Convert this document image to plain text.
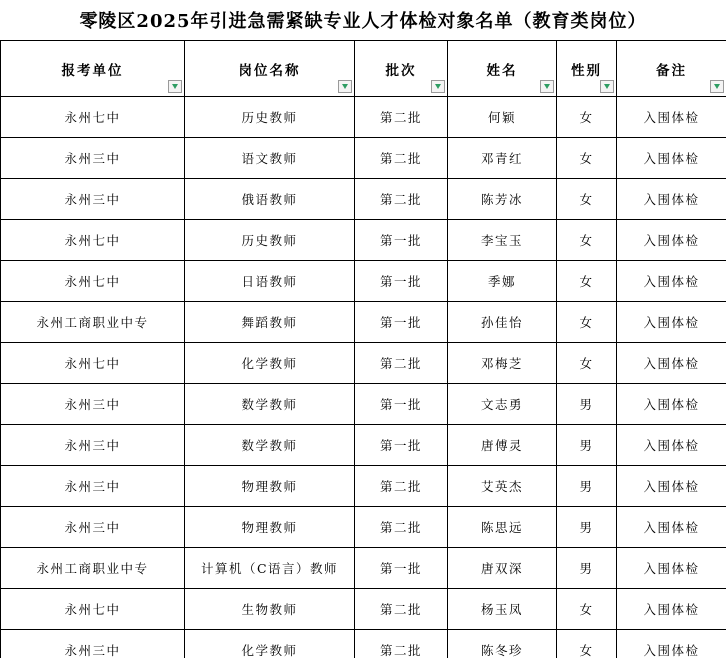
零陵区2025年引进急需紧缺专业人才体检对象名单（教育类岗位）
报考单位	岗位名称	批次	姓名	性别	备注

永州七中	历史教师	第二批	何颖	女	入围体检
永州三中	语文教师	第二批	邓青红	女	入围体检
永州三中	俄语教师	第二批	陈芳冰	女	入围体检
永州七中	历史教师	第一批	李宝玉	女	入围体检
永州七中	日语教师	第一批	季娜	女	入围体检
永州工商职业中专	舞蹈教师	第一批	孙佳怡	女	入围体检
永州七中	化学教师	第二批	邓梅芝	女	入围体检
永州三中	数学教师	第一批	文志勇	男	入围体检
永州三中	数学教师	第一批	唐傅灵	男	入围体检
永州三中	物理教师	第二批	艾英杰	男	入围体检
永州三中	物理教师	第二批	陈思远	男	入围体检
永州工商职业中专	计算机（C语言）教师	第一批	唐双深	男	入围体检
永州七中	生物教师	第二批	杨玉凤	女	入围体检
永州三中	化学教师	第二批	陈冬珍	女	入围体检
